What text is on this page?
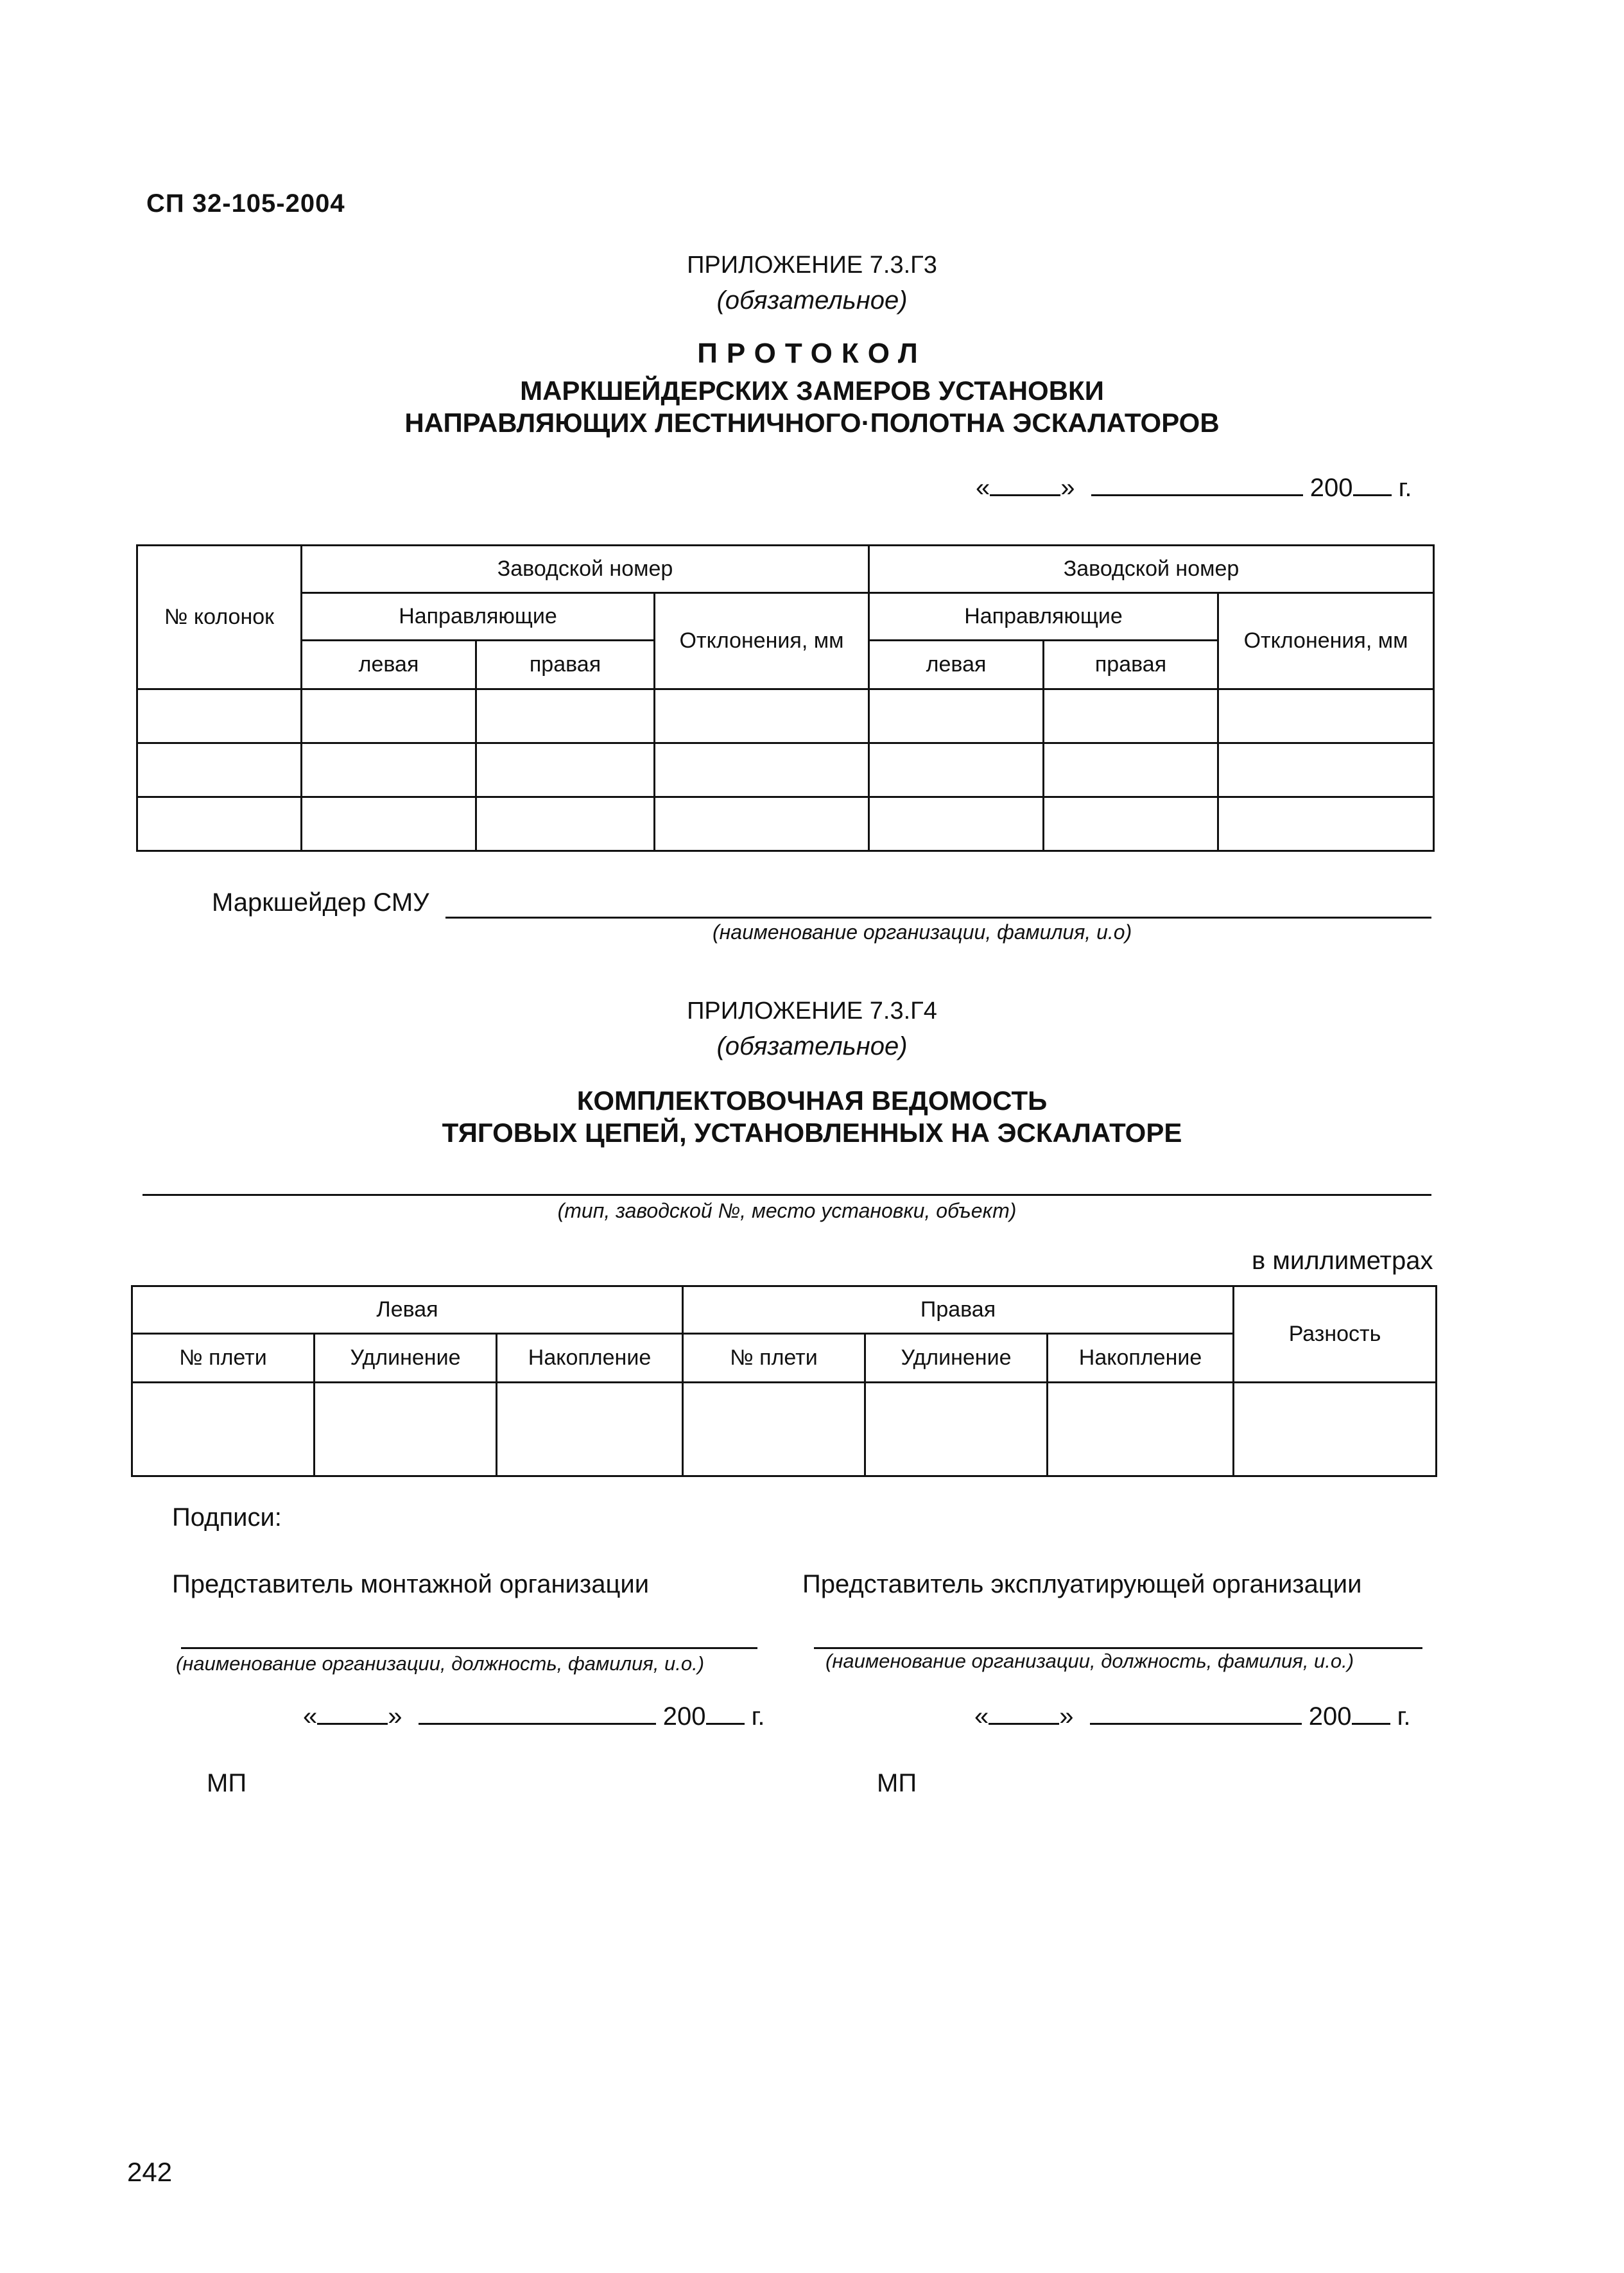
СП 32-105-2004
ПРИЛОЖЕНИЕ 7.3.Г3
(обязательное)
ПРОТОКОЛ
МАРКШЕЙДЕРСКИХ ЗАМЕРОВ УСТАНОВКИ
НАПРАВЛЯЮЩИХ ЛЕСТНИЧНОГО·ПОЛОТНА ЭСКАЛАТОРОВ
«	»	200 г.
№ колонок	Заводской номер			Заводской номер		
	Направляющие		Отклонения, мм	Направляющие		Отклонения, мм
	левая	правая		левая	правая	

Маркшейдер СМУ
(наименование организации, фамилия, и.о)
ПРИЛОЖЕНИЕ 7.3.Г4
(обязательное)
КОМПЛЕКТОВОЧНАЯ ВЕДОМОСТЬ
ТЯГОВЫХ ЦЕПЕЙ, УСТАНОВЛЕННЫХ НА ЭСКАЛАТОРЕ
(тип, заводской №, место установки, объект)
в миллиметрах
Левая			Правая			Разность
№ плети	Удлинение	Накопление	№ плети	Удлинение	Накопление	

Подписи:
Представитель монтажной организации
(наименование организации, должность, фамилия, и.о.)
«	»	200 г.
МП
Представитель эксплуатирующей организации
(наименование организации, должность, фамилия, и.о.)
«	»	200 г.
МП
242
